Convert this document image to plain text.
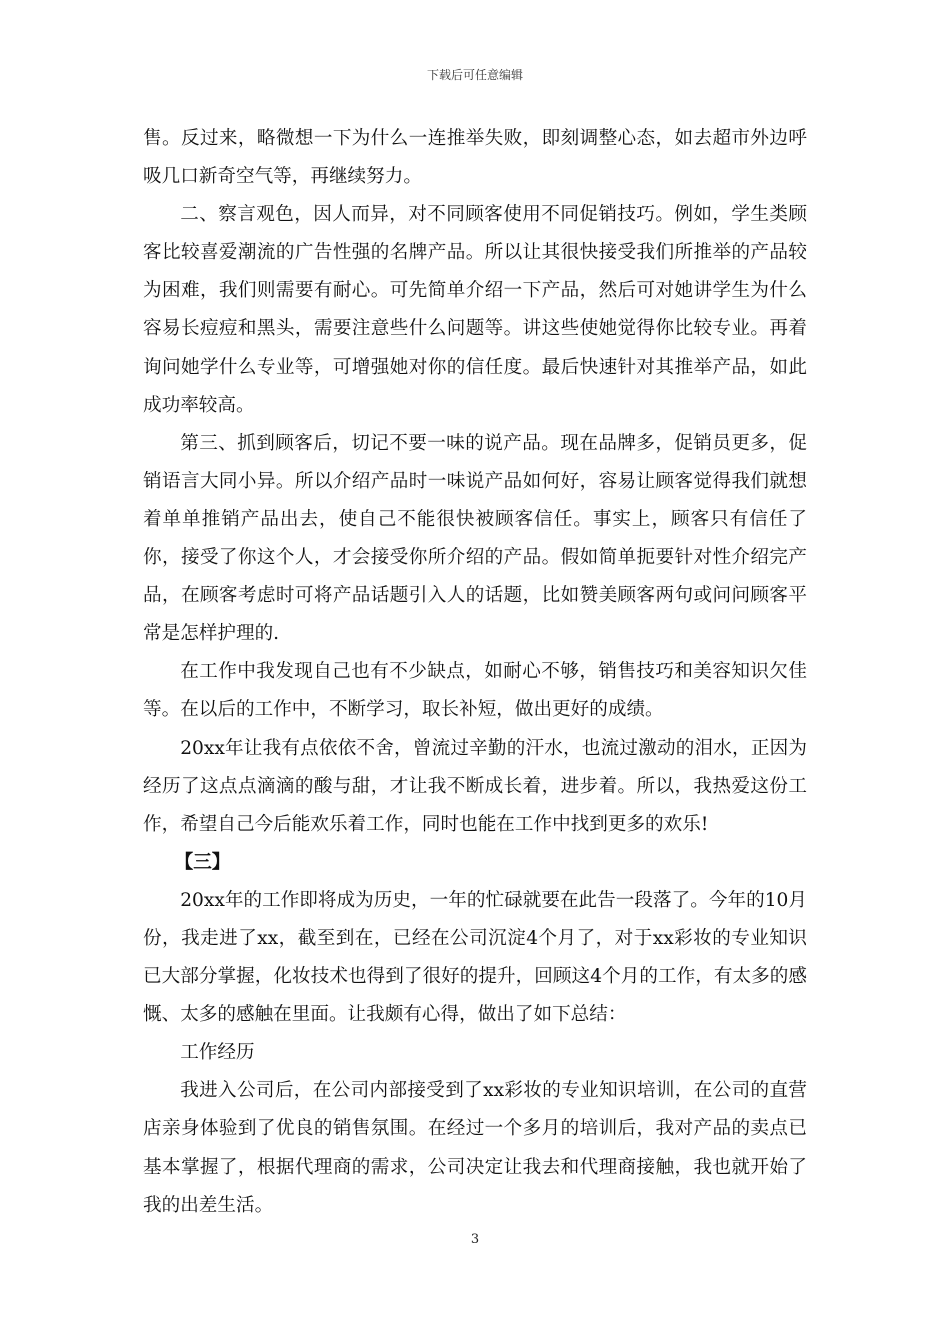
下载后可任意编辑

售。反过来，略微想一下为什么一连推举失败，即刻调整心态，如去超市外边呼吸几口新奇空气等，再继续努力。

二、察言观色，因人而异，对不同顾客使用不同促销技巧。例如，学生类顾客比较喜爱潮流的广告性强的名牌产品。所以让其很快接受我们所推举的产品较为困难，我们则需要有耐心。可先简单介绍一下产品，然后可对她讲学生为什么容易长痘痘和黑头，需要注意些什么问题等。讲这些使她觉得你比较专业。再着询问她学什么专业等，可增强她对你的信任度。最后快速针对其推举产品，如此成功率较高。

第三、抓到顾客后，切记不要一味的说产品。现在品牌多，促销员更多，促销语言大同小异。所以介绍产品时一味说产品如何好，容易让顾客觉得我们就想着单单推销产品出去，使自己不能很快被顾客信任。事实上，顾客只有信任了你，接受了你这个人，才会接受你所介绍的产品。假如简单扼要针对性介绍完产品，在顾客考虑时可将产品话题引入人的话题，比如赞美顾客两句或问问顾客平常是怎样护理的.

在工作中我发现自己也有不少缺点，如耐心不够，销售技巧和美容知识欠佳等。在以后的工作中，不断学习，取长补短，做出更好的成绩。

20xx年让我有点依依不舍，曾流过辛勤的汗水，也流过激动的泪水，正因为经历了这点点滴滴的酸与甜，才让我不断成长着，进步着。所以，我热爱这份工作，希望自己今后能欢乐着工作，同时也能在工作中找到更多的欢乐!

【三】

20xx年的工作即将成为历史，一年的忙碌就要在此告一段落了。今年的10月份，我走进了xx，截至到在，已经在公司沉淀4个月了，对于xx彩妆的专业知识已大部分掌握，化妆技术也得到了很好的提升，回顾这4个月的工作，有太多的感慨、太多的感触在里面。让我颇有心得，做出了如下总结：

工作经历

我进入公司后，在公司内部接受到了xx彩妆的专业知识培训，在公司的直营店亲身体验到了优良的销售氛围。在经过一个多月的培训后，我对产品的卖点已基本掌握了，根据代理商的需求，公司决定让我去和代理商接触，我也就开始了我的出差生活。

3
